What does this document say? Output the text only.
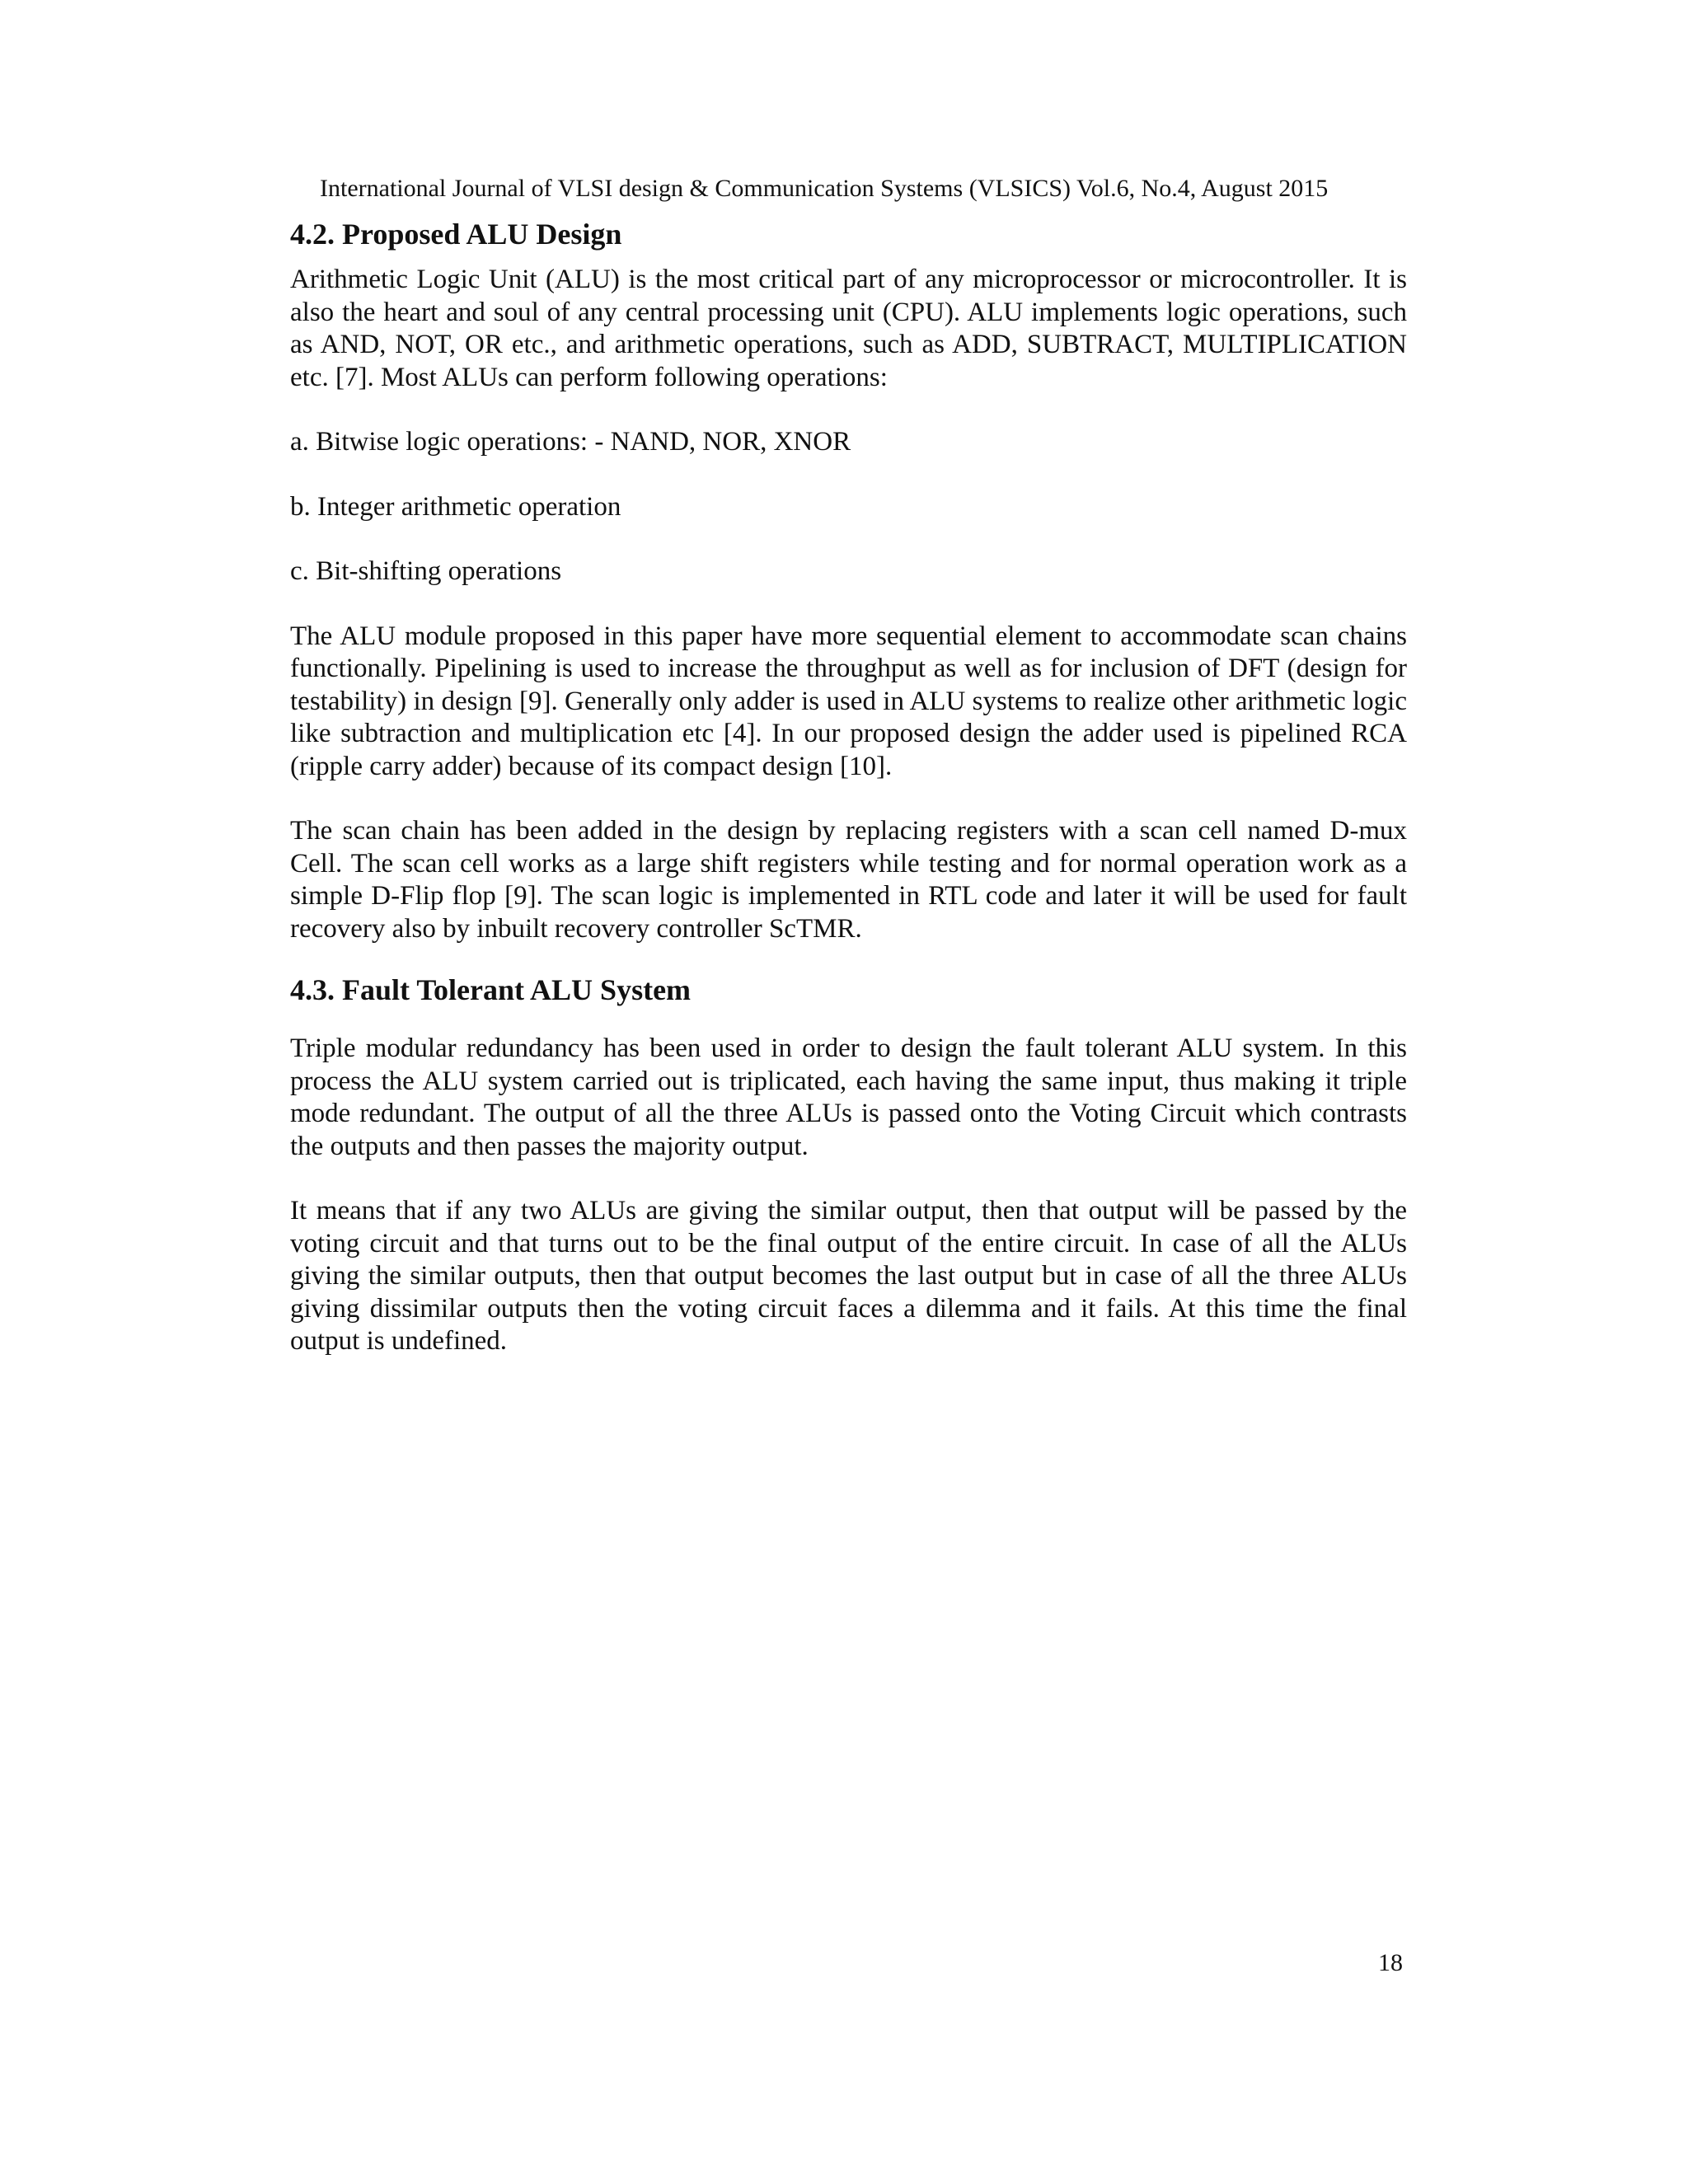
International Journal of VLSI design & Communication Systems (VLSICS) Vol.6, No.4, August 2015
4.2. Proposed ALU Design

Arithmetic Logic Unit (ALU) is the most critical part of any microprocessor or microcontroller. It is also the heart and soul of any central processing unit (CPU). ALU implements logic operations, such as AND, NOT, OR etc., and arithmetic operations, such as ADD, SUBTRACT, MULTIPLICATION etc. [7]. Most ALUs can perform following operations:

a. Bitwise logic operations: - NAND, NOR, XNOR

b. Integer arithmetic operation

c. Bit-shifting operations

The ALU module proposed in this paper have more sequential element to accommodate scan chains functionally. Pipelining is used to increase the throughput as well as for inclusion of DFT (design for testability) in design [9]. Generally only adder is used in ALU systems to realize other arithmetic logic like subtraction and multiplication etc [4]. In our proposed design the adder used is pipelined RCA (ripple carry adder) because of its compact design [10].

The scan chain has been added in the design by replacing registers with a scan cell named D-mux Cell. The scan cell works as a large shift registers while testing and for normal operation work as a simple D-Flip flop [9]. The scan logic is implemented in RTL code and later it will be used for fault recovery also by inbuilt recovery controller ScTMR.

4.3. Fault Tolerant ALU System

Triple modular redundancy has been used in order to design the fault tolerant ALU system. In this process the ALU system carried out is triplicated, each having the same input, thus making it triple mode redundant. The output of all the three ALUs is passed onto the Voting Circuit which contrasts the outputs and then passes the majority output.

It means that if any two ALUs are giving the similar output, then that output will be passed by the voting circuit and that turns out to be the final output of the entire circuit. In case of all the ALUs giving the similar outputs, then that output becomes the last output but in case of all the three ALUs giving dissimilar outputs then the voting circuit faces a dilemma and it fails. At this time the final output is undefined.

18
